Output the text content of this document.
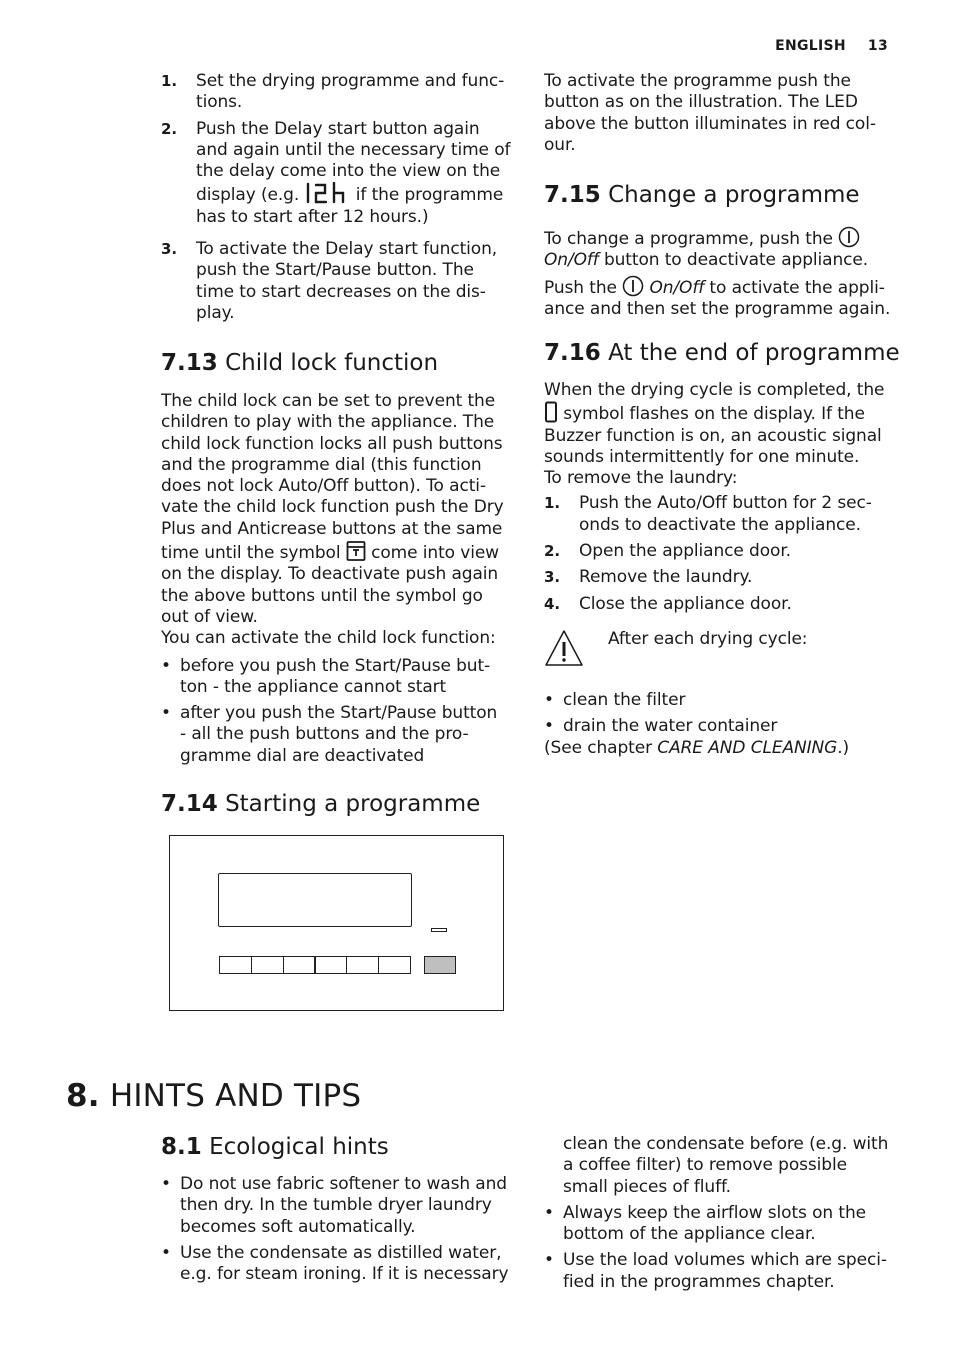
ENGLISH 13
1. Set the drying programme and func-
tions.
2. Push the Delay start button again
and again until the necessary time of
the delay come into the view on the
display (e.g.	if the programme
has to start after 12 hours.)
3. To activate the Delay start function,
push the Start/Pause button. The
time to start decreases on the dis-
play.
7.13 Child lock function
The child lock can be set to prevent the
children to play with the appliance. The
child lock function locks all push buttons
and the programme dial (this function
does not lock Auto/Off button). To acti-
vate the child lock function push the Dry
Plus and Anticrease buttons at the same
time until the symbol  come into view
on the display. To deactivate push again
the above buttons until the symbol go
out of view.
You can activate the child lock function:
• before you push the Start/Pause but-
ton - the appliance cannot start
• after you push the Start/Pause button
- all the push buttons and the pro-
gramme dial are deactivated
7.14 Starting a programme
To activate the programme push the
button as on the illustration. The LED
above the button illuminates in red col-
our.
7.15 Change a programme
To change a programme, push the
On/Off button to deactivate appliance.
Push the  On/Off to activate the appli-
ance and then set the programme again.
7.16 At the end of programme
When the drying cycle is completed, the
symbol flashes on the display. If the
Buzzer function is on, an acoustic signal
sounds intermittently for one minute.
To remove the laundry:
1. Push the Auto/Off button for 2 sec-
onds to deactivate the appliance.
2. Open the appliance door.
3. Remove the laundry.
4. Close the appliance door.
After each drying cycle:
• clean the filter
• drain the water container
(See chapter CARE AND CLEANING.)
8. HINTS AND TIPS
8.1 Ecological hints
• Do not use fabric softener to wash and
then dry. In the tumble dryer laundry
becomes soft automatically.
• Use the condensate as distilled water,
e.g. for steam ironing. If it is necessary
clean the condensate before (e.g. with
a coffee filter) to remove possible
small pieces of fluff.
• Always keep the airflow slots on the
bottom of the appliance clear.
• Use the load volumes which are speci-
fied in the programmes chapter.
